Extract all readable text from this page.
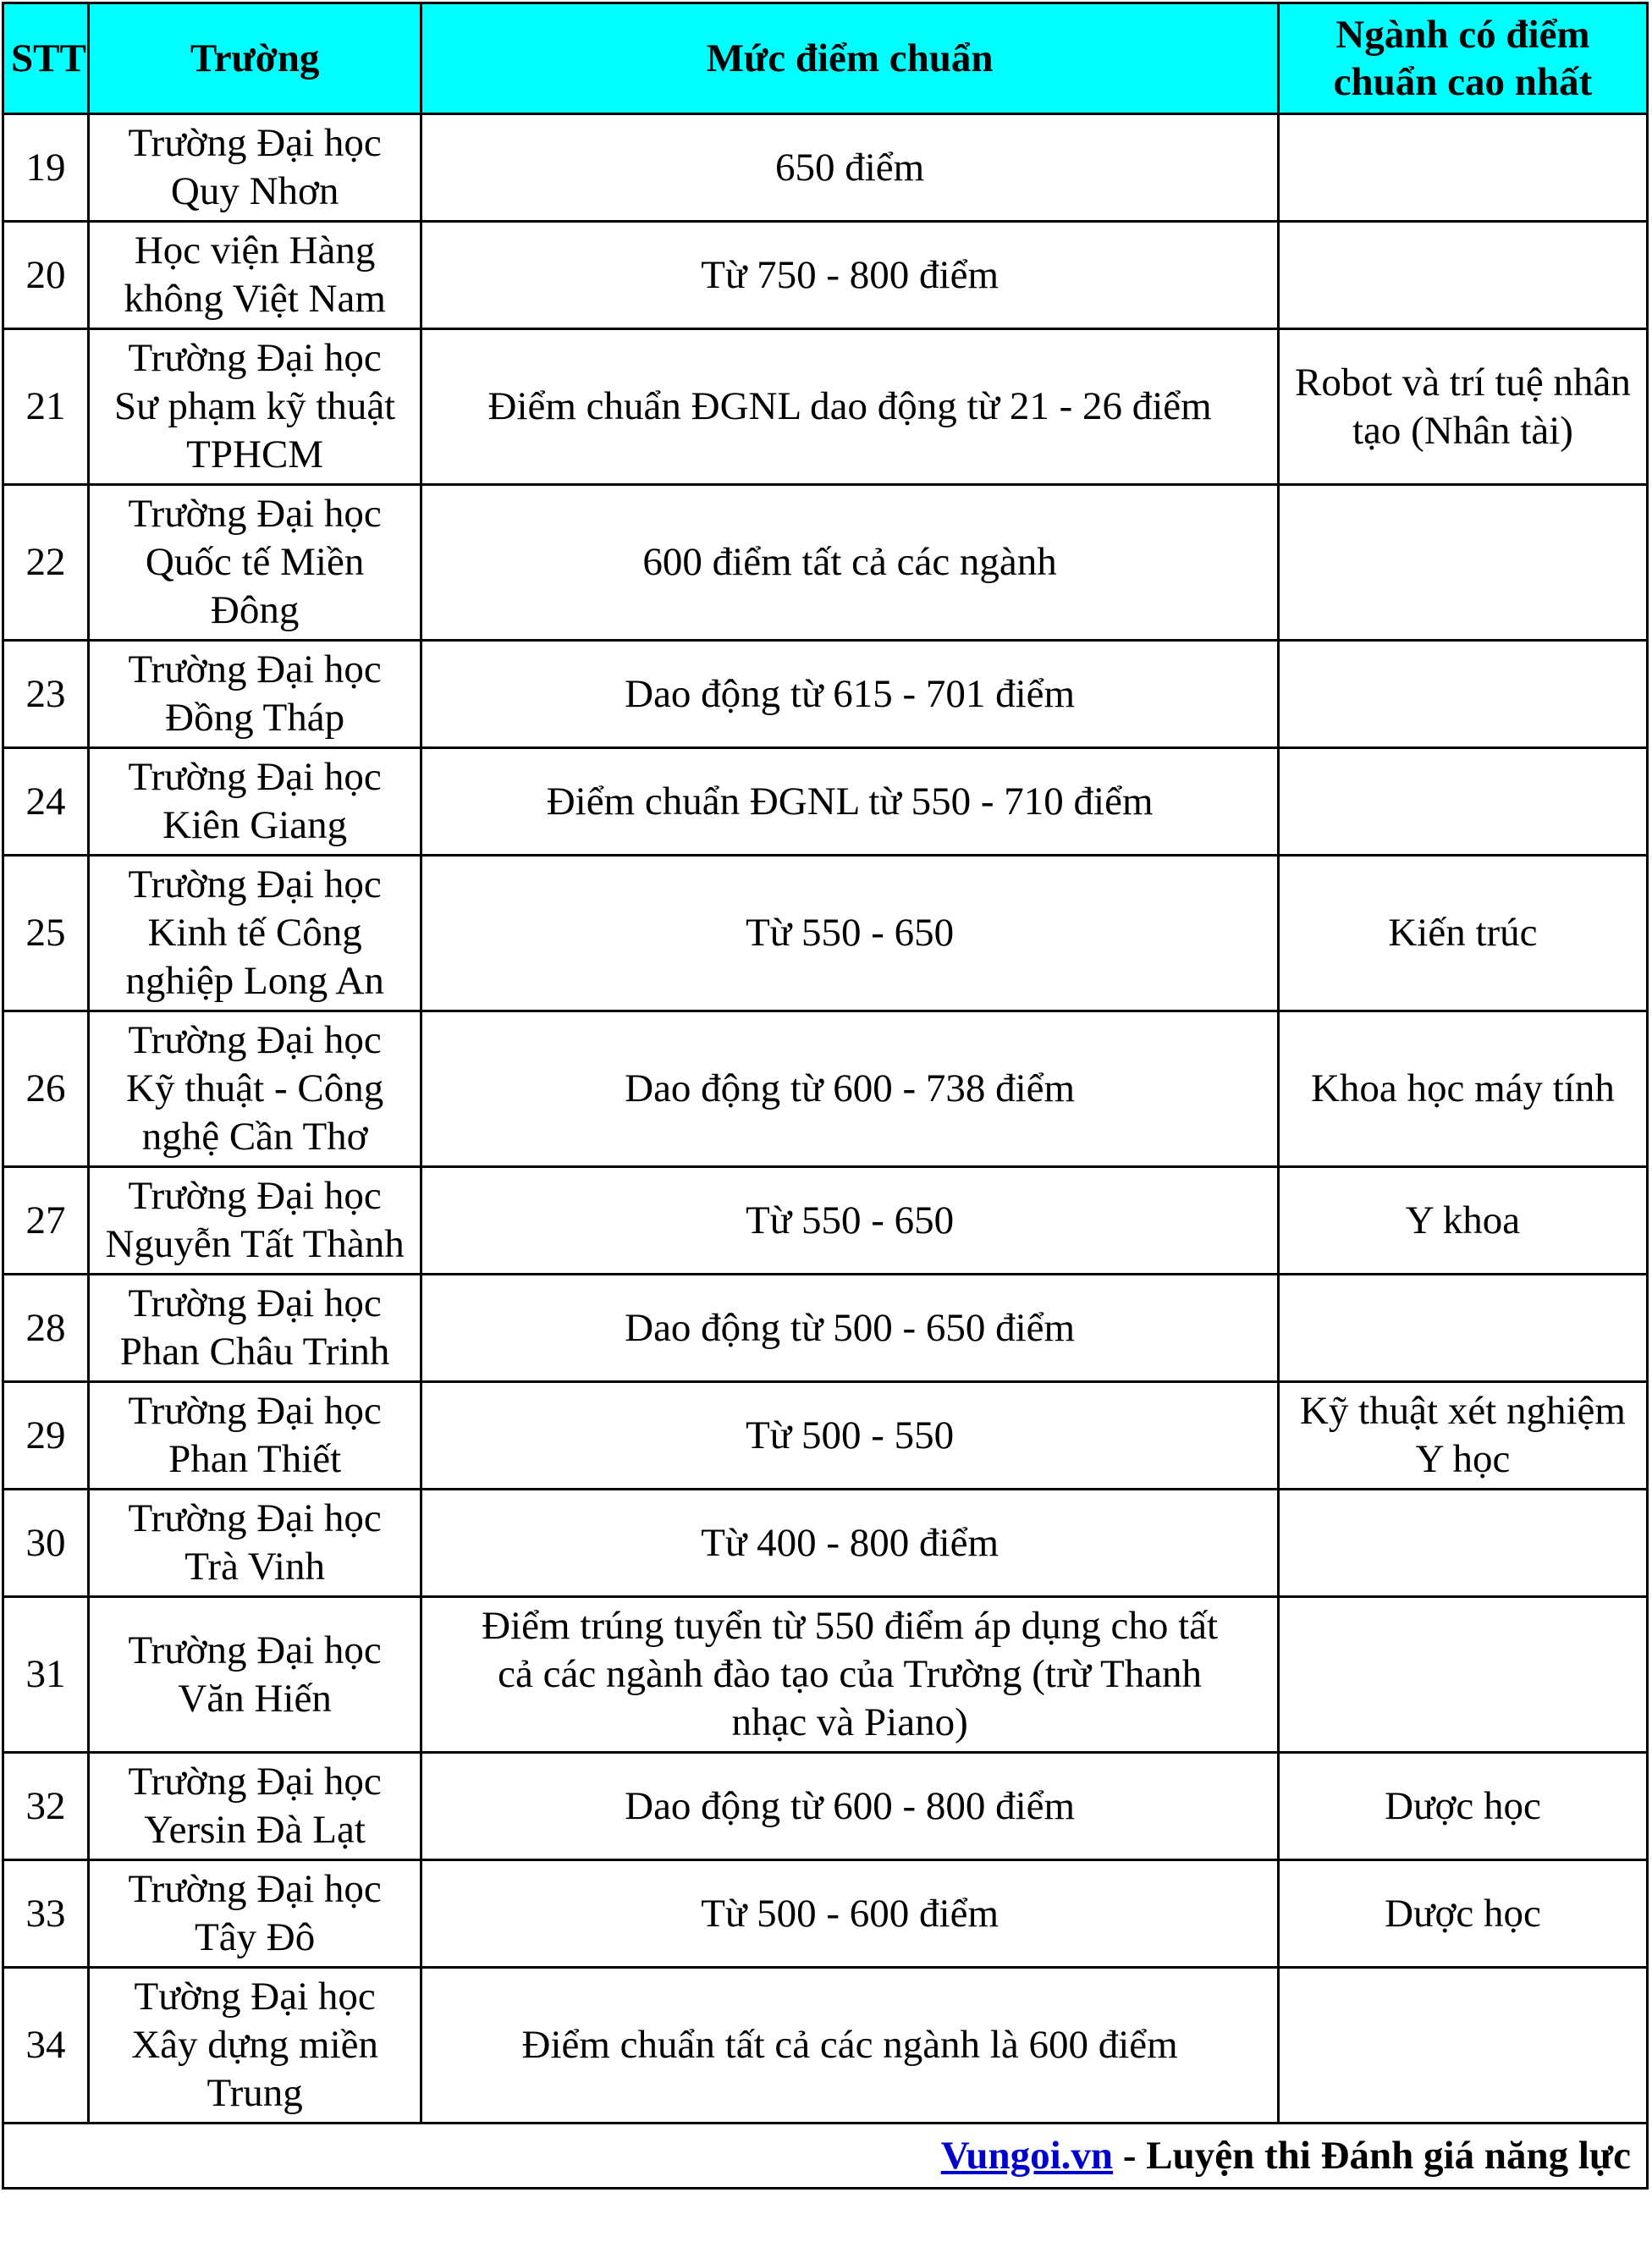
STT	Trường	Mức điểm chuẩn	Ngành có điểm
chuẩn cao nhất
19	Trường Đại học
Quy Nhơn	650 điểm	
20	Học viện Hàng
không Việt Nam	Từ 750 - 800 điểm	
21	Trường Đại học
Sư phạm kỹ thuật
TPHCM	Điểm chuẩn ĐGNL dao động từ 21 - 26 điểm	Robot và trí tuệ nhân
tạo (Nhân tài)
22	Trường Đại học
Quốc tế Miền
Đông	600 điểm tất cả các ngành	
23	Trường Đại học
Đồng Tháp	Dao động từ 615 - 701 điểm	
24	Trường Đại học
Kiên Giang	Điểm chuẩn ĐGNL từ 550 - 710 điểm	
25	Trường Đại học
Kinh tế Công
nghiệp Long An	Từ 550 - 650	Kiến trúc
26	Trường Đại học
Kỹ thuật - Công
nghệ Cần Thơ	Dao động từ 600 - 738 điểm	Khoa học máy tính
27	Trường Đại học
Nguyễn Tất Thành	Từ 550 - 650	Y khoa
28	Trường Đại học
Phan Châu Trinh	Dao động từ 500 - 650 điểm	
29	Trường Đại học
Phan Thiết	Từ 500 - 550	Kỹ thuật xét nghiệm
Y học
30	Trường Đại học
Trà Vinh	Từ 400 - 800 điểm	
31	Trường Đại học
Văn Hiến	Điểm trúng tuyển từ 550 điểm áp dụng cho tất
cả các ngành đào tạo của Trường (trừ Thanh
nhạc và Piano)	
32	Trường Đại học
Yersin Đà Lạt	Dao động từ 600 - 800 điểm	Dược học
33	Trường Đại học
Tây Đô	Từ 500 - 600 điểm	Dược học
34	Tường Đại học
Xây dựng miền
Trung	Điểm chuẩn tất cả các ngành là 600 điểm	
Vungoi.vn - Luyện thi Đánh giá năng lực			
